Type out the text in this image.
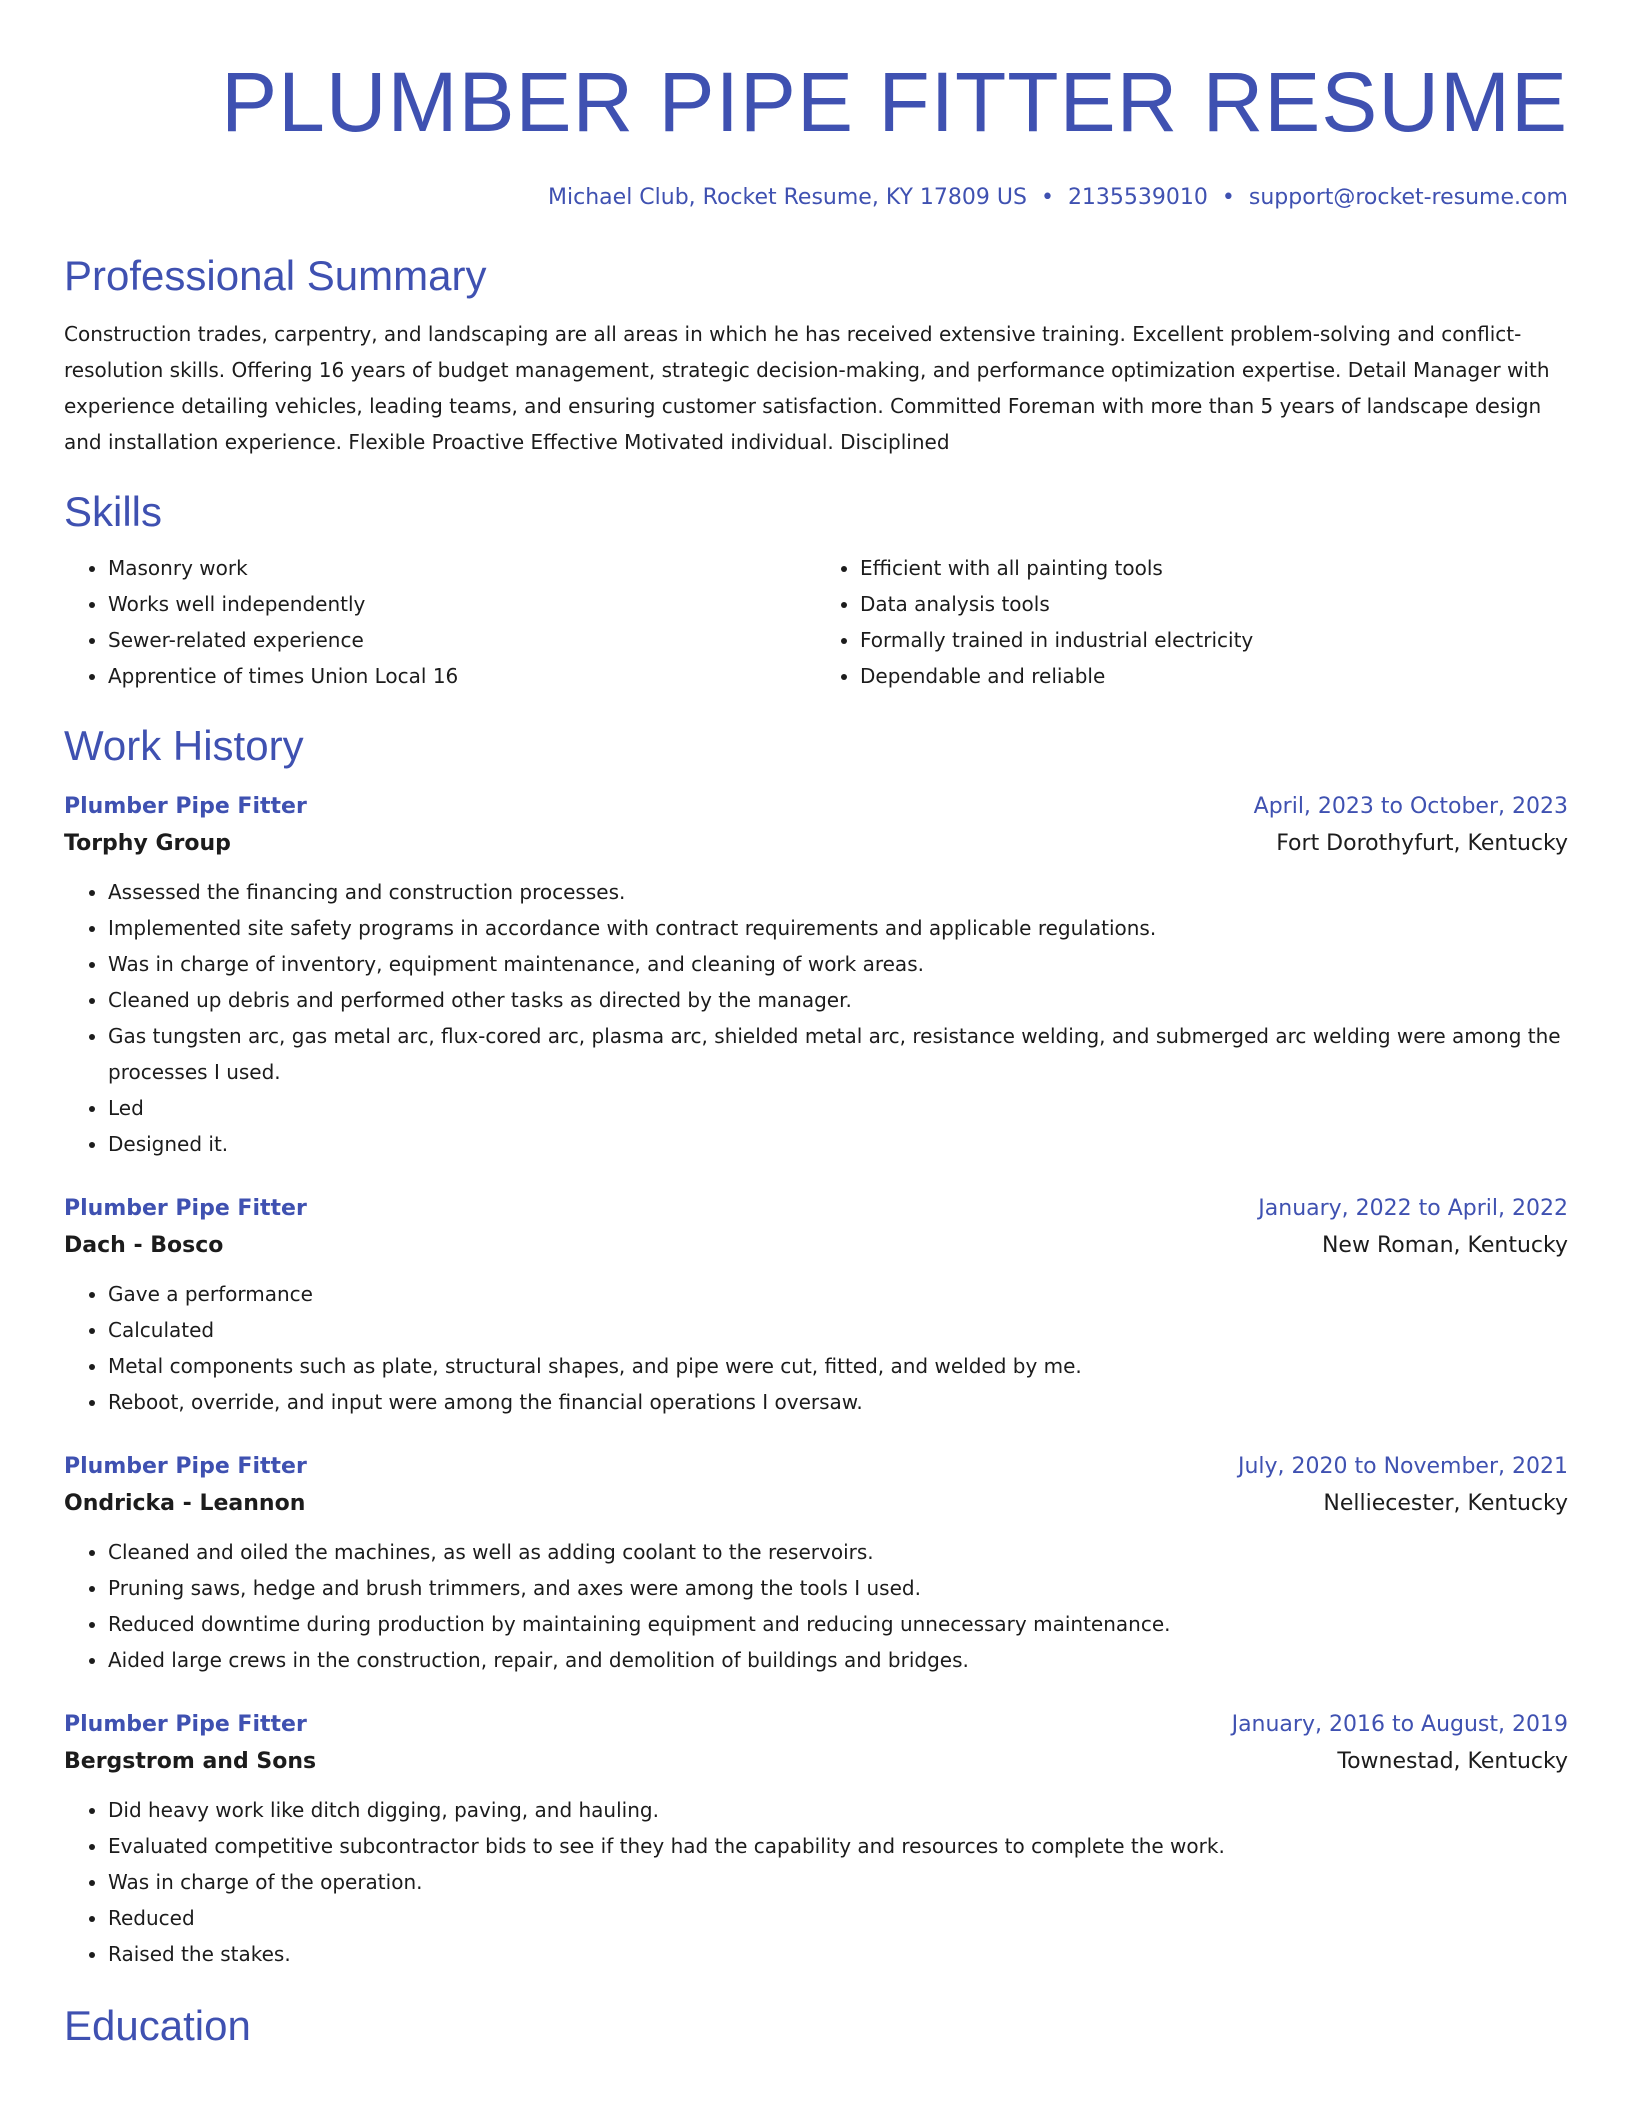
PLUMBER PIPE FITTER RESUME
Michael Club, Rocket Resume, KY 17809 US • 2135539010 • support@rocket-resume.com
Professional Summary

Construction trades, carpentry, and landscaping are all areas in which he has received extensive training. Excellent problem-solving and conflict-resolution skills. Offering 16 years of budget management, strategic decision-making, and performance optimization expertise. Detail Manager with experience detailing vehicles, leading teams, and ensuring customer satisfaction. Committed Foreman with more than 5 years of landscape design and installation experience. Flexible Proactive Effective Motivated individual. Disciplined

Skills
• Masonry work
• Works well independently
• Sewer-related experience
• Apprentice of times Union Local 16
• Efficient with all painting tools
• Data analysis tools
• Formally trained in industrial electricity
• Dependable and reliable
Work History
Plumber Pipe Fitter	April, 2023 to October, 2023
Torphy Group	Fort Dorothyfurt, Kentucky
• Assessed the financing and construction processes.
• Implemented site safety programs in accordance with contract requirements and applicable regulations.
• Was in charge of inventory, equipment maintenance, and cleaning of work areas.
• Cleaned up debris and performed other tasks as directed by the manager.
• Gas tungsten arc, gas metal arc, flux-cored arc, plasma arc, shielded metal arc, resistance welding, and submerged arc welding were among the processes I used.
• Led
• Designed it.
Plumber Pipe Fitter	January, 2022 to April, 2022
Dach - Bosco	New Roman, Kentucky
• Gave a performance
• Calculated
• Metal components such as plate, structural shapes, and pipe were cut, fitted, and welded by me.
• Reboot, override, and input were among the financial operations I oversaw.
Plumber Pipe Fitter	July, 2020 to November, 2021
Ondricka - Leannon	Nelliecester, Kentucky
• Cleaned and oiled the machines, as well as adding coolant to the reservoirs.
• Pruning saws, hedge and brush trimmers, and axes were among the tools I used.
• Reduced downtime during production by maintaining equipment and reducing unnecessary maintenance.
• Aided large crews in the construction, repair, and demolition of buildings and bridges.
Plumber Pipe Fitter	January, 2016 to August, 2019
Bergstrom and Sons	Townestad, Kentucky
• Did heavy work like ditch digging, paving, and hauling.
• Evaluated competitive subcontractor bids to see if they had the capability and resources to complete the work.
• Was in charge of the operation.
• Reduced
• Raised the stakes.
Education
